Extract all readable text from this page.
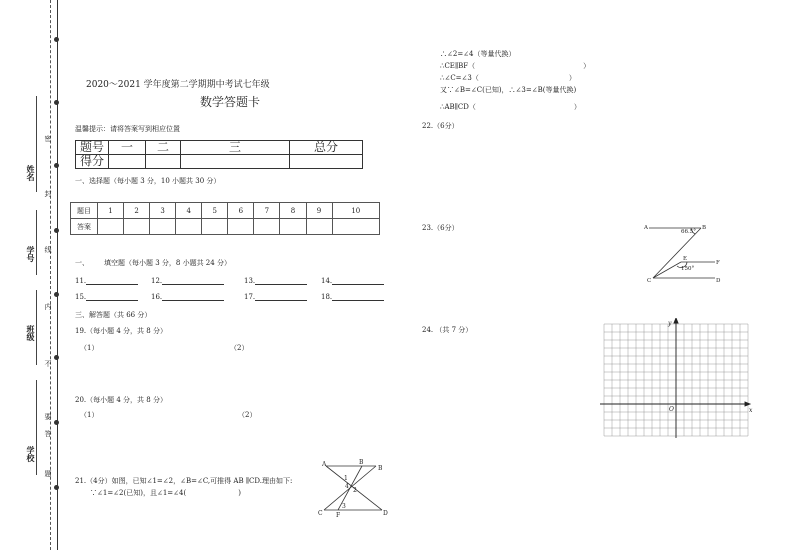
姓名
学号
班级
学校
密
封
线
内
不
要
答
题
2020～2021 学年度第二学期期中考试七年级
数学答题卡
温馨提示：请将答案写到相应位置
题号	一	二	三	总分
得分				
一、选择题（每小题 3 分，10 小题共 30 分）
题目	1	2	3	4	5	6	7	8	9	10
答案										
一、 填空题（每小题 3 分，8 小题共 24 分）
11.	12.	13.	14.
15.	16.	17.	18.
三、解答题（共 66 分）
19.（每小题 4 分，共 8 分）
（1）	（2）
20.（每小题 4 分，共 8 分）
（1）	（2）
21.（4分）如图，已知∠1=∠2，∠B=∠C,可推得 AB ∥CD.理由如下:
∵∠1=∠2(已知)，且∠1=∠4(	)
A	B
B
C F	D
1
2
3
4
∴∠2=∠4（等量代换）
∴CE∥BF（	）
∴∠C=∠3（	）
又∵∠B=∠C(已知)，∴∠3=∠B(等量代换)
∴AB∥CD（	）
22.（6分）
23.（6分）
24. （共 7 分）
A	B
C	D
E
F
66.5°
150°
x
y
O
